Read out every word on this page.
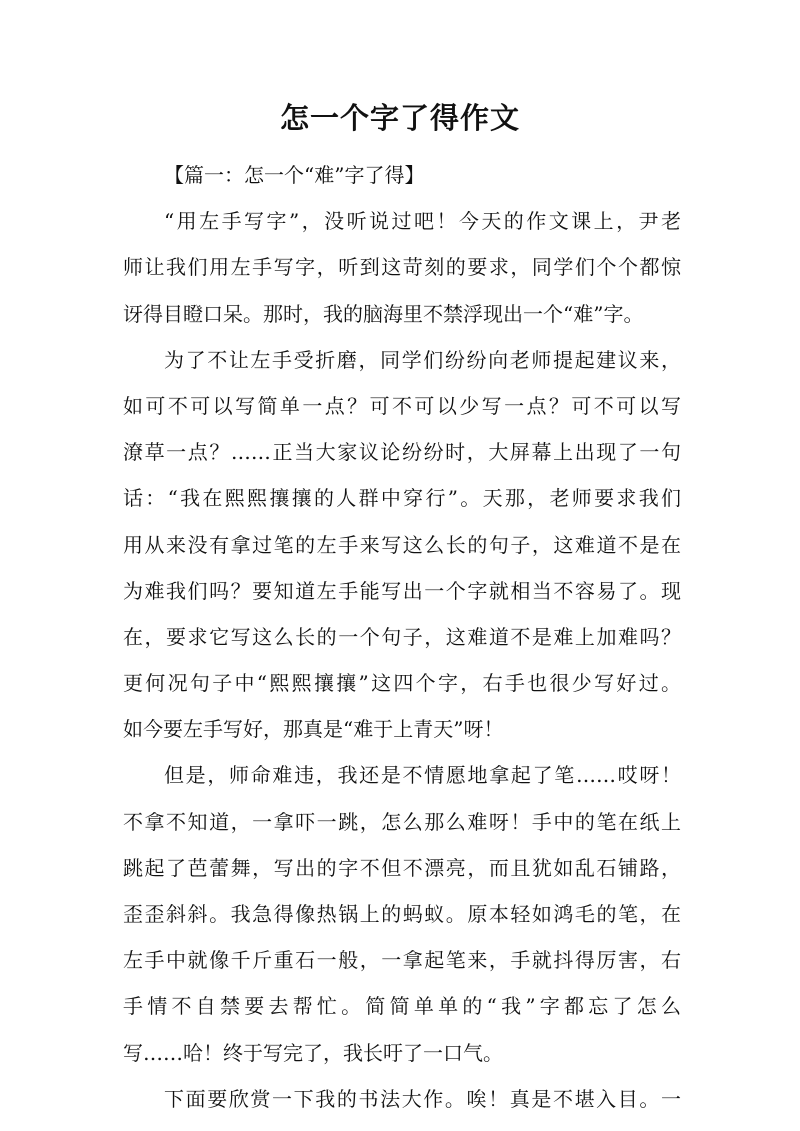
怎一个字了得作文
【篇一：怎一个“难”字了得】
“用左手写字”，没听说过吧！今天的作文课上，尹老
师让我们用左手写字，听到这苛刻的要求，同学们个个都惊
讶得目瞪口呆。那时，我的脑海里不禁浮现出一个“难”字。
为了不让左手受折磨，同学们纷纷向老师提起建议来，
如可不可以写简单一点？可不可以少写一点？可不可以写
潦草一点？……正当大家议论纷纷时，大屏幕上出现了一句
话：“我在熙熙攘攘的人群中穿行”。天那，老师要求我们
用从来没有拿过笔的左手来写这么长的句子，这难道不是在
为难我们吗？要知道左手能写出一个字就相当不容易了。现
在，要求它写这么长的一个句子，这难道不是难上加难吗？
更何况句子中“熙熙攘攘”这四个字，右手也很少写好过。
如今要左手写好，那真是“难于上青天”呀！
但是，师命难违，我还是不情愿地拿起了笔……哎呀！
不拿不知道，一拿吓一跳，怎么那么难呀！手中的笔在纸上
跳起了芭蕾舞，写出的字不但不漂亮，而且犹如乱石铺路，
歪歪斜斜。我急得像热锅上的蚂蚁。原本轻如鸿毛的笔，在
左手中就像千斤重石一般，一拿起笔来，手就抖得厉害，右
手情不自禁要去帮忙。简简单单的“我”字都忘了怎么
写……哈！终于写完了，我长吁了一口气。
下面要欣赏一下我的书法大作。唉！真是不堪入目。一
